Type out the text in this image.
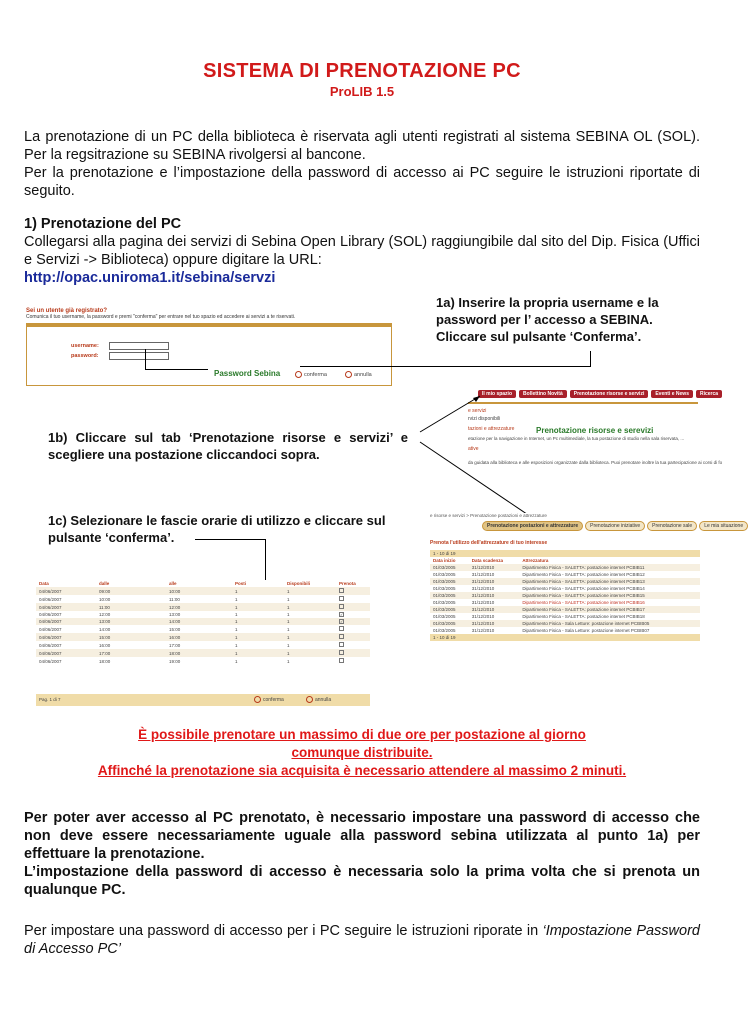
SISTEMA DI PRENOTAZIONE PC
ProLIB 1.5
La prenotazione di un PC della biblioteca è riservata agli utenti registrati al sistema SEBINA OL (SOL). Per la regsitrazione su SEBINA rivolgersi al bancone.
Per la prenotazione e l’impostazione della password di accesso ai PC seguire le istruzioni riportate di seguito.
1) Prenotazione del PC
Collegarsi alla pagina dei servizi di Sebina Open Library (SOL) raggiungibile dal sito del Dip. Fisica (Uffici e Servizi -> Biblioteca) oppure digitare la URL:
http://opac.uniroma1.it/sebina/servzi
Sei un utente già registrato?
Comunica il tuo username, la password e premi "conferma" per entrare nel tuo spazio ed accedere ai servizi a te riservati.
username:
password:
Password Sebina	conferma	annulla
1a) Inserire la propria username e la password per l’ accesso a SEBINA. Cliccare sul pulsante ‘Conferma’.
Il mio spazio Bollettino Novità Prenotazione risorse e servizi Eventi e News Ricerca
e servizi
rvizi disponibili
tazioni e attrezzature
etazione per la navigazione in Internet, un Pc multimediale, la tua postazione di studio nella sala riservata, ...
ative
da guidata alla biblioteca e alle esposizioni organizzate dalla biblioteca. Puoi prenotare inoltre la tua partecipazione ai corsi di fo
Prenotazione risorse e serevizi
1b) Cliccare sul tab ‘Prenotazione risorse e servizi’ e scegliere una postazione cliccandoci sopra.
e risorse e servizi > Prenotazione postazioni e attrezzature
Prenotazione postazioni e attrezzature Prenotazione iniziative Prenotazione sale Le mia situazione
Prenota l'utilizzo dell'attrezzature di tuo interesse
1 - 10 di 19
Data inizio	Data scadenza	Attrezzatura
01/03/2005	31/12/2010	Dipartimento Fisica - SALETTA: postazione internet PCBIB11
01/03/2005	31/12/2010	Dipartimento Fisica - SALETTA: postazione internet PCBIB12
01/03/2005	31/12/2010	Dipartimento Fisica - SALETTA: postazione internet PCBIB13
01/03/2005	31/12/2010	Dipartimento Fisica - SALETTA: postazione internet PCBIB14
01/03/2005	31/12/2010	Dipartimento Fisica - SALETTA: postazione internet PCBIB15
01/03/2005	31/12/2010	Dipartimento Fisica - SALETTA: postazione internet PCBIB16
01/03/2005	31/12/2010	Dipartimento Fisica - SALETTA: postazione internet PCBIB17
01/03/2005	31/12/2010	Dipartimento Fisica - SALETTA: postazione internet PCBIB18
01/03/2005	31/12/2010	Dipartimento Fisica - Sala Letture: postazione internet PCBIB05
01/03/2005	31/12/2010	Dipartimento Fisica - Sala Letture: postazione internet PCBIB07
1 - 10 di 19
1c) Selezionare le fascie orarie di utilizzo e cliccare sul pulsante ‘conferma’.
Data	dalle	alle	Posti	Disponibili	Prenota
04/06/2007	09:00	10:00	1	1	
04/06/2007	10:00	11:00	1	1	
04/06/2007	11:00	12:00	1	1	
04/06/2007	12:00	13:00	1	1	✓
04/06/2007	13:00	14:00	1	1	✓
04/06/2007	14:00	15:00	1	1	
04/06/2007	15:00	16:00	1	1	
04/06/2007	16:00	17:00	1	1	
04/06/2007	17:00	18:00	1	1	
04/06/2007	18:00	19:00	1	1	
Pag. 1 di 7	conferma	annulla
È possibile prenotare un massimo di due ore per postazione al giorno
comunque distribuite.
Affinché la prenotazione sia acquisita è necessario attendere al massimo 2 minuti.
Per poter aver accesso al PC prenotato, è necessario impostare una password di accesso che non deve essere necessariamente uguale alla password sebina utilizzata al punto 1a) per effettuare la prenotazione.
L’impostazione della password di accesso è necessaria solo la prima volta che si prenota un qualunque PC.
Per impostare una password di accesso per i PC seguire le istruzioni riporate in ‘Impostazione Password di Accesso PC’
